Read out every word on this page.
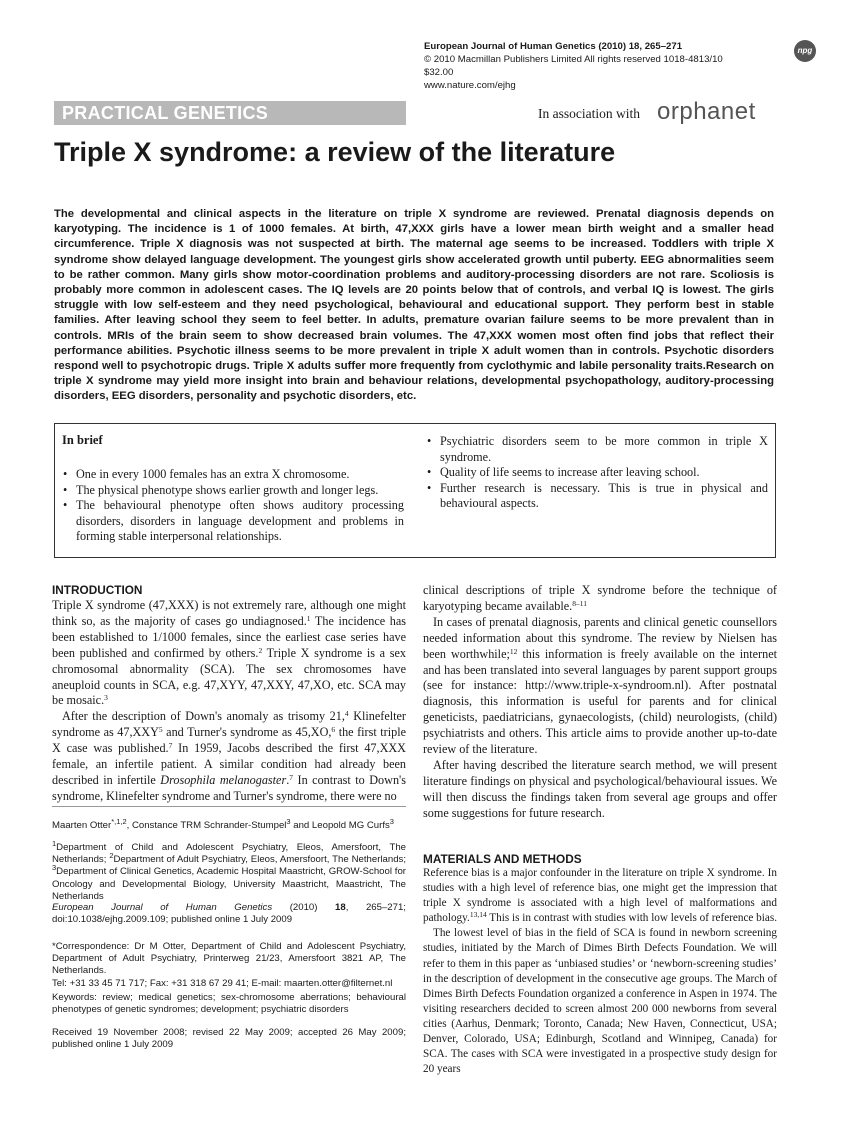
European Journal of Human Genetics (2010) 18, 265–271
© 2010 Macmillan Publishers Limited All rights reserved 1018-4813/10 $32.00
www.nature.com/ejhg
npg
PRACTICAL GENETICS	In association with orphanet
Triple X syndrome: a review of the literature
The developmental and clinical aspects in the literature on triple X syndrome are reviewed. Prenatal diagnosis depends on karyotyping. The incidence is 1 of 1000 females. At birth, 47,XXX girls have a lower mean birth weight and a smaller head circumference. Triple X diagnosis was not suspected at birth. The maternal age seems to be increased. Toddlers with triple X syndrome show delayed language development. The youngest girls show accelerated growth until puberty. EEG abnormalities seem to be rather common. Many girls show motor-coordination problems and auditory-processing disorders are not rare. Scoliosis is probably more common in adolescent cases. The IQ levels are 20 points below that of controls, and verbal IQ is lowest. The girls struggle with low self-esteem and they need psychological, behavioural and educational support. They perform best in stable families. After leaving school they seem to feel better. In adults, premature ovarian failure seems to be more prevalent than in controls. MRIs of the brain seem to show decreased brain volumes. The 47,XXX women most often find jobs that reflect their performance abilities. Psychotic illness seems to be more prevalent in triple X adult women than in controls. Psychotic disorders respond well to psychotropic drugs. Triple X adults suffer more frequently from cyclothymic and labile personality traits.Research on triple X syndrome may yield more insight into brain and behaviour relations, developmental psychopathology, auditory-processing disorders, EEG disorders, personality and psychotic disorders, etc.
In brief
• One in every 1000 females has an extra X chromosome.
• The physical phenotype shows earlier growth and longer legs.
• The behavioural phenotype often shows auditory processing disorders, disorders in language development and problems in forming stable interpersonal relationships.
• Psychiatric disorders seem to be more common in triple X syndrome.
• Quality of life seems to increase after leaving school.
• Further research is necessary. This is true in physical and behavioural aspects.
INTRODUCTION

Triple X syndrome (47,XXX) is not extremely rare, although one might think so, as the majority of cases go undiagnosed.$^1$ The incidence has been established to 1/1000 females, since the earliest case series have been published and confirmed by others.$^2$ Triple X syndrome is a sex chromosomal abnormality (SCA). The sex chromosomes have aneuploid counts in SCA, e.g. 47,XYY, 47,XXY, 47,XO, etc. SCA may be mosaic.$^3$

After the description of Down's anomaly as trisomy 21,$^4$ Klinefelter syndrome as 47,XXY$^5$ and Turner's syndrome as 45,XO,$^6$ the first triple X case was published.$^7$ In 1959, Jacobs described the first 47,XXX female, an infertile patient. A similar condition had already been described in infertile Drosophila melanogaster.$^7$ In contrast to Down's syndrome, Klinefelter syndrome and Turner's syndrome, there were no

clinical descriptions of triple X syndrome before the technique of karyotyping became available.$^{8-11}$

In cases of prenatal diagnosis, parents and clinical genetic counsellors needed information about this syndrome. The review by Nielsen has been worthwhile;$^{12}$ this information is freely available on the internet and has been translated into several languages by parent support groups (see for instance: http://www.triple-x-syndroom.nl). After postnatal diagnosis, this information is useful for parents and for clinical geneticists, paediatricians, gynaecologists, (child) neurologists, (child) psychiatrists and others. This article aims to provide another up-to-date review of the literature.

After having described the literature search method, we will present literature findings on physical and psychological/behavioural issues. We will then discuss the findings taken from several age groups and offer some suggestions for future research.

Maarten Otter$^{*,1,2}$, Constance TRM Schrander-Stumpel$^3$ and Leopold MG Curfs$^3$
$^1$Department of Child and Adolescent Psychiatry, Eleos, Amersfoort, The Netherlands; $^2$Department of Adult Psychiatry, Eleos, Amersfoort, The Netherlands; $^3$Department of Clinical Genetics, Academic Hospital Maastricht, GROW-School for Oncology and Developmental Biology, University Maastricht, Maastricht, The Netherlands
European Journal of Human Genetics (2010) 18, 265–271; doi:10.1038/ejhg.2009.109; published online 1 July 2009

*Correspondence: Dr M Otter, Department of Child and Adolescent Psychiatry, Department of Adult Psychiatry, Printerweg 21/23, Amersfoort 3821 AP, The Netherlands.

Tel: +31 33 45 71 717; Fax: +31 318 67 29 41; E-mail: maarten.otter@filternet.nl

Keywords: review; medical genetics; sex-chromosome aberrations; behavioural phenotypes of genetic syndromes; development; psychiatric disorders
Received 19 November 2008; revised 22 May 2009; accepted 26 May 2009; published online 1 July 2009
MATERIALS AND METHODS

Reference bias is a major confounder in the literature on triple X syndrome. In studies with a high level of reference bias, one might get the impression that triple X syndrome is associated with a high level of malformations and pathology.$^{13,14}$ This is in contrast with studies with low levels of reference bias.

The lowest level of bias in the field of SCA is found in newborn screening studies, initiated by the March of Dimes Birth Defects Foundation. We will refer to them in this paper as ‘unbiased studies’ or ‘newborn-screening studies’ in the description of development in the consecutive age groups. The March of Dimes Birth Defects Foundation organized a conference in Aspen in 1974. The visiting researchers decided to screen almost 200 000 newborns from several cities (Aarhus, Denmark; Toronto, Canada; New Haven, Connecticut, USA; Denver, Colorado, USA; Edinburgh, Scotland and Winnipeg, Canada) for SCA. The cases with SCA were investigated in a prospective study design for 20 years
